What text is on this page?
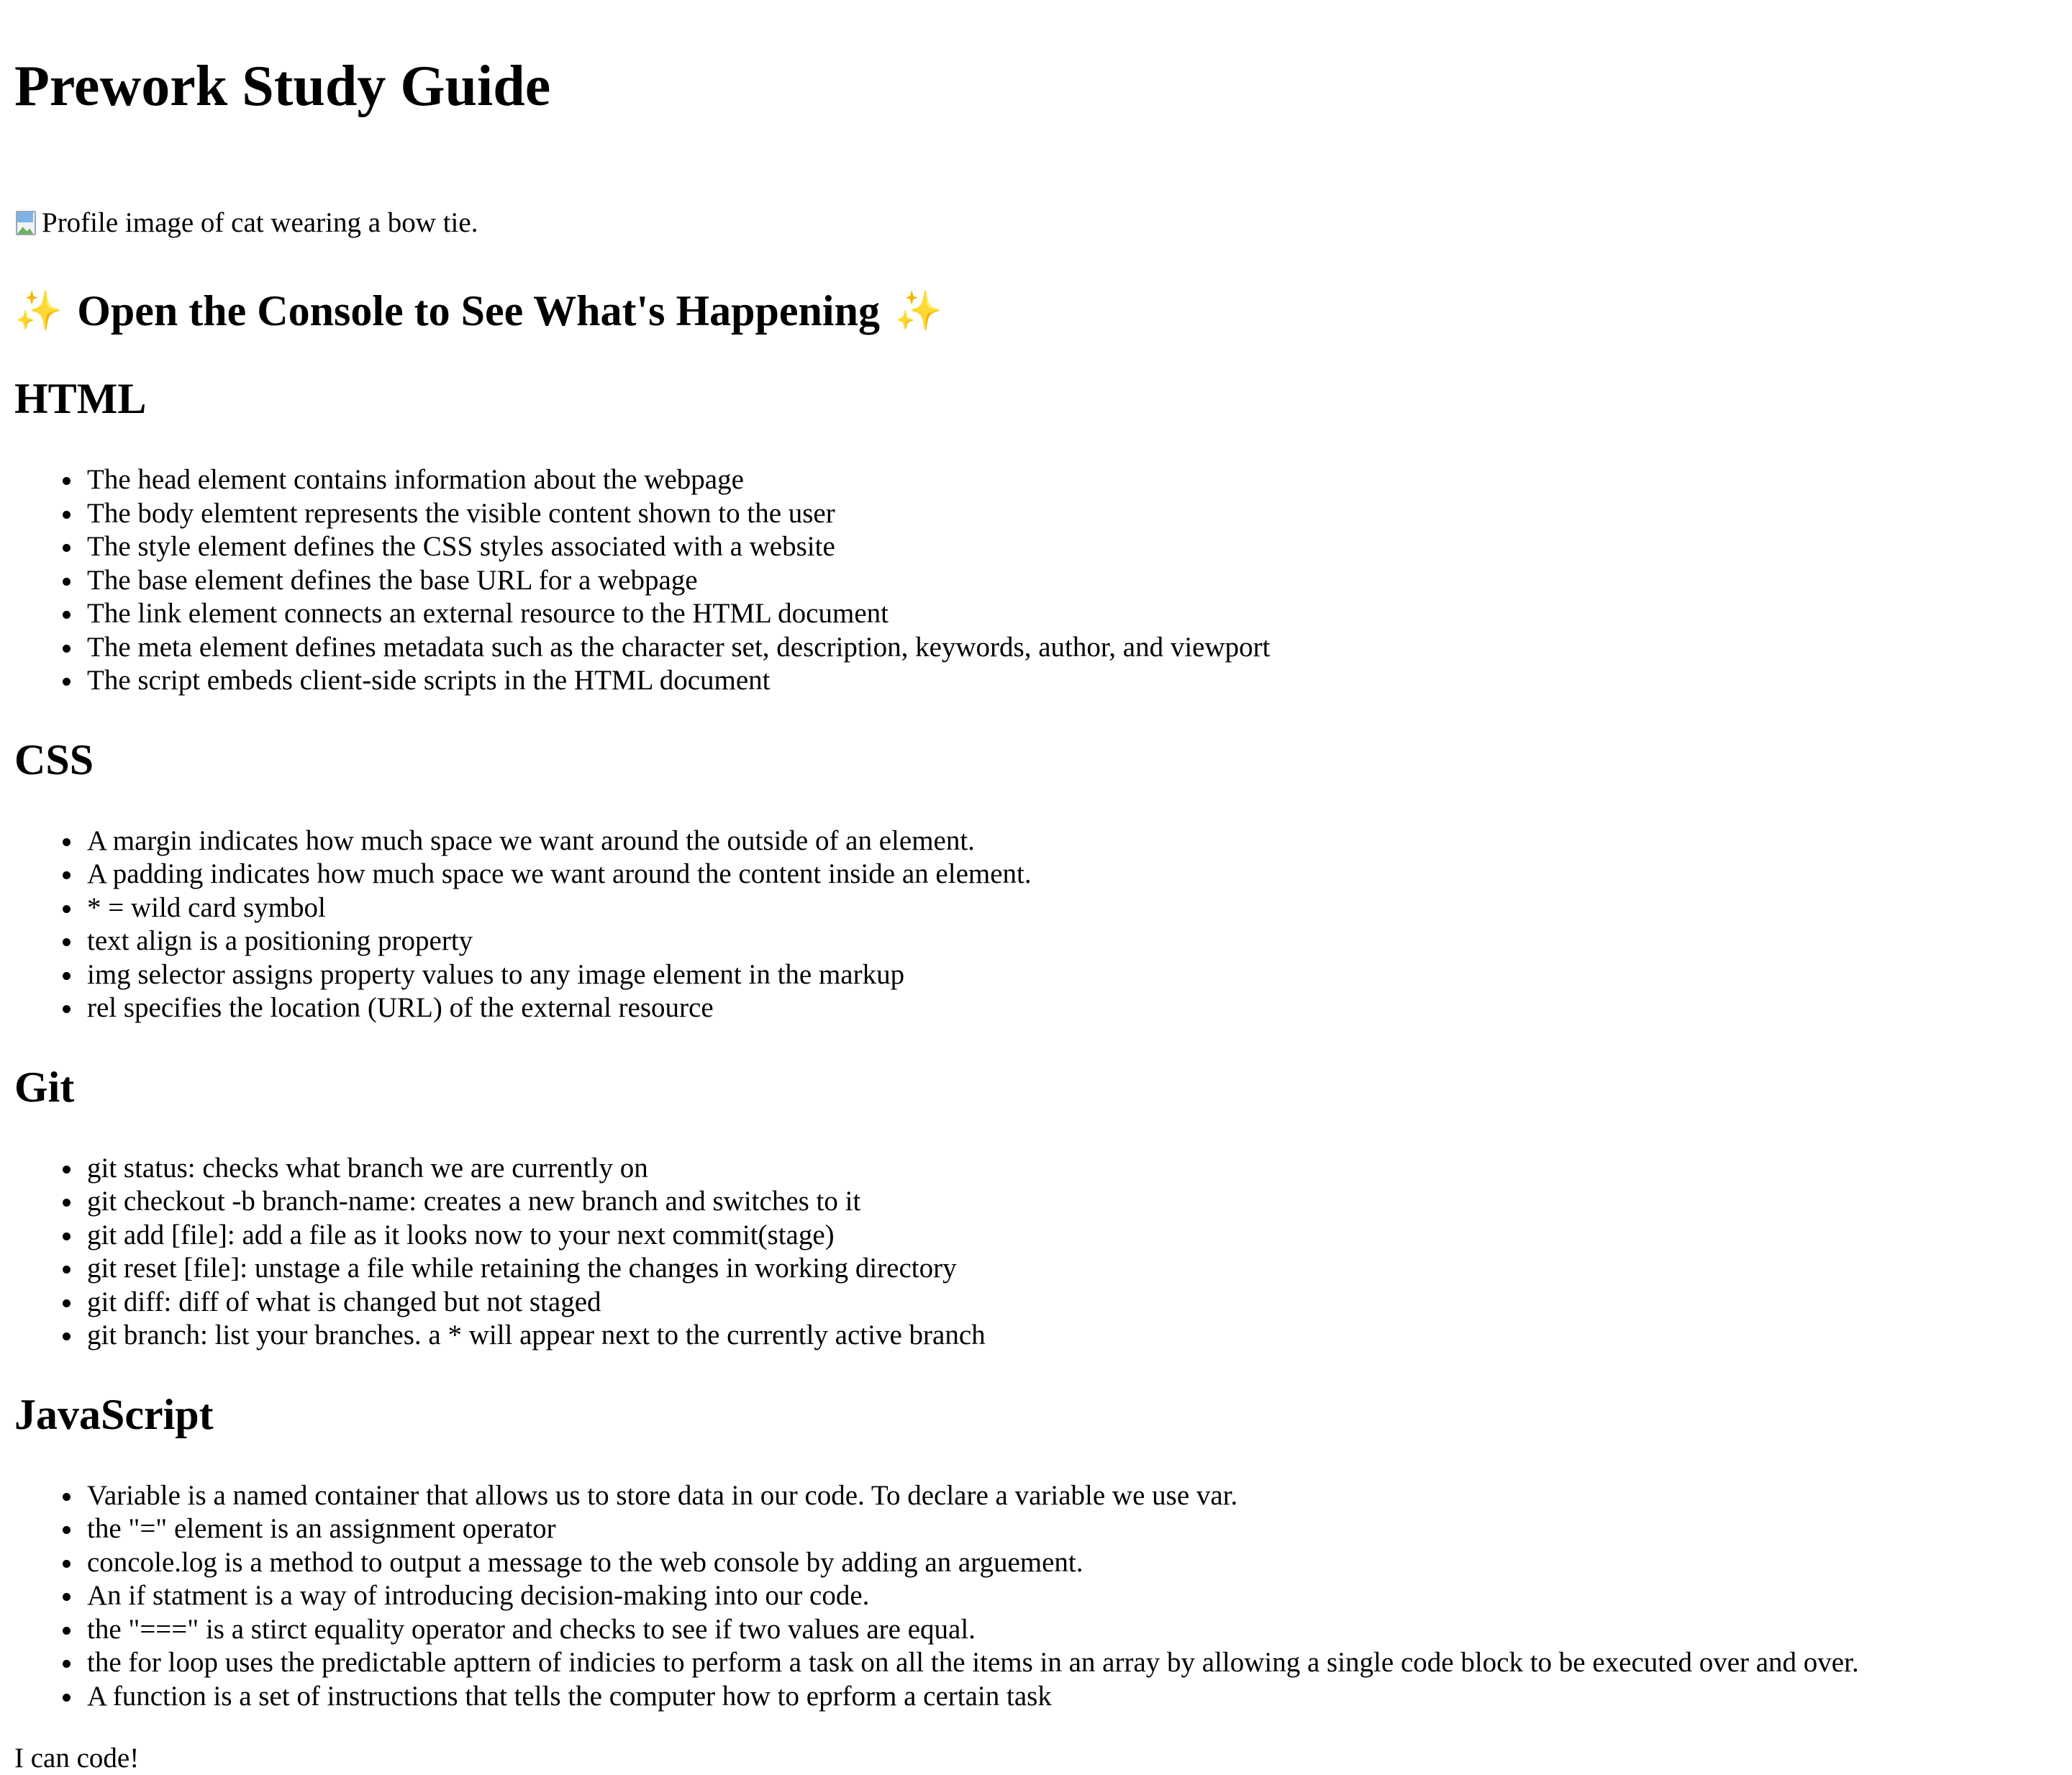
Prework Study Guide
Profile image of cat wearing a bow tie.
✨ Open the Console to See What's Happening ✨
HTML
The head element contains information about the webpage
The body elemtent represents the visible content shown to the user
The style element defines the CSS styles associated with a website
The base element defines the base URL for a webpage
The link element connects an external resource to the HTML document
The meta element defines metadata such as the character set, description, keywords, author, and viewport
The script embeds client-side scripts in the HTML document
CSS
A margin indicates how much space we want around the outside of an element.
A padding indicates how much space we want around the content inside an element.
* = wild card symbol
text align is a positioning property
img selector assigns property values to any image element in the markup
rel specifies the location (URL) of the external resource
Git
git status: checks what branch we are currently on
git checkout -b branch-name: creates a new branch and switches to it
git add [file]: add a file as it looks now to your next commit(stage)
git reset [file]: unstage a file while retaining the changes in working directory
git diff: diff of what is changed but not staged
git branch: list your branches. a * will appear next to the currently active branch
JavaScript
Variable is a named container that allows us to store data in our code. To declare a variable we use var.
the "=" element is an assignment operator
concole.log is a method to output a message to the web console by adding an arguement.
An if statment is a way of introducing decision-making into our code.
the "===" is a stirct equality operator and checks to see if two values are equal.
the for loop uses the predictable apttern of indicies to perform a task on all the items in an array by allowing a single code block to be executed over and over.
A function is a set of instructions that tells the computer how to eprform a certain task

I can code!
